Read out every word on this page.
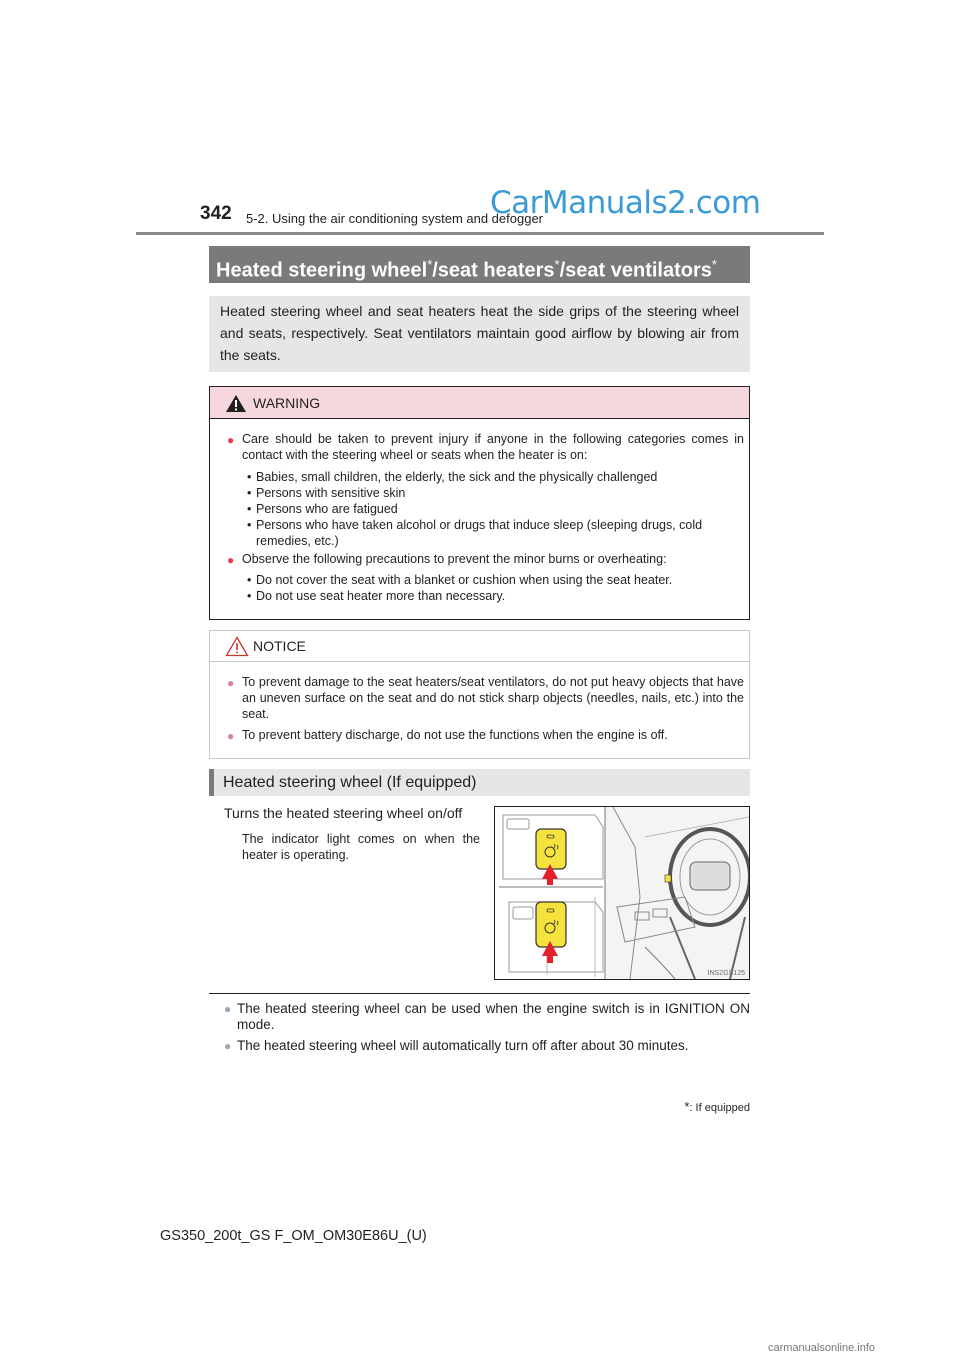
342 5-2. Using the air conditioning system and defogger
CarManuals2.com
Heated steering wheel*/seat heaters*/seat ventilators*
Heated steering wheel and seat heaters heat the side grips of the steering wheel and seats, respectively. Seat ventilators maintain good airflow by blowing air from the seats.
WARNING
● Care should be taken to prevent injury if anyone in the following categories comes in contact with the steering wheel or seats when the heater is on:
• Babies, small children, the elderly, the sick and the physically challenged
• Persons with sensitive skin
• Persons who are fatigued
• Persons who have taken alcohol or drugs that induce sleep (sleeping drugs, cold remedies, etc.)
● Observe the following precautions to prevent the minor burns or overheating:
• Do not cover the seat with a blanket or cushion when using the seat heater.
• Do not use seat heater more than necessary.
NOTICE
● To prevent damage to the seat heaters/seat ventilators, do not put heavy objects that have an uneven surface on the seat and do not stick sharp objects (needles, nails, etc.) into the seat.
● To prevent battery discharge, do not use the functions when the engine is off.
Heated steering wheel (If equipped)
Turns the heated steering wheel on/off
The indicator light comes on when the heater is operating.
INS2GS125
● The heated steering wheel can be used when the engine switch is in IGNITION ON mode.
● The heated steering wheel will automatically turn off after about 30 minutes.
*: If equipped
GS350_200t_GS F_OM_OM30E86U_(U)
carmanualsonline.info
